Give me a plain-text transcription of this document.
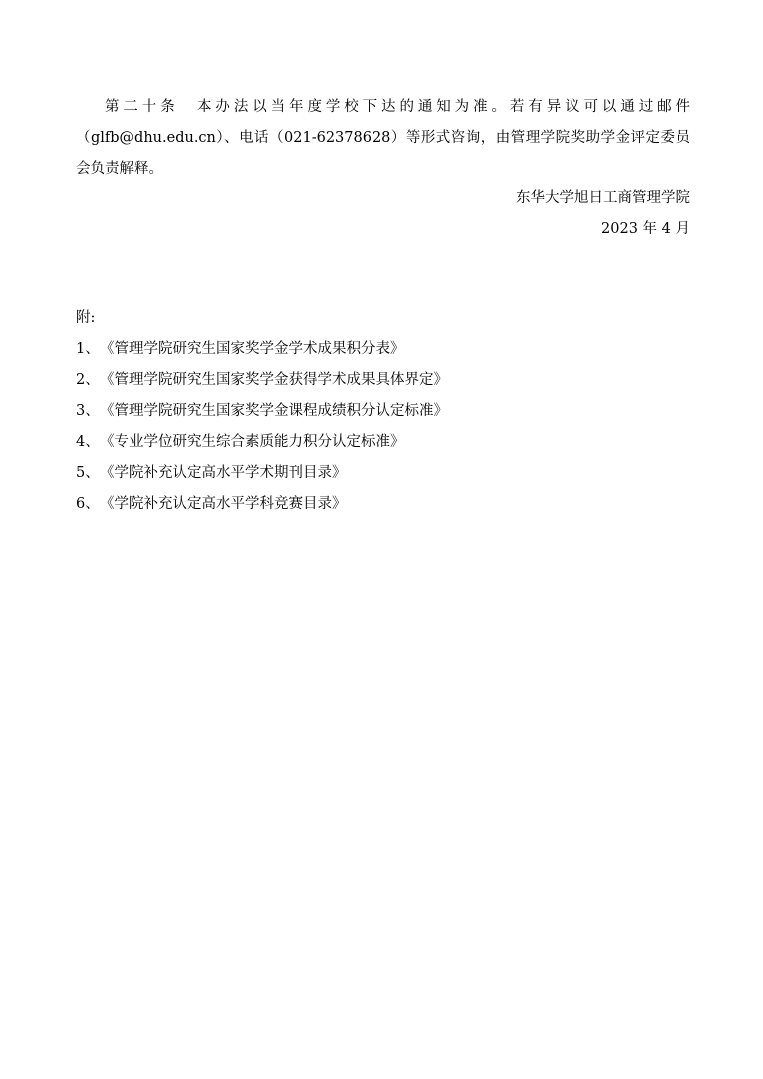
第二十条  本办法以当年度学校下达的通知为准。若有异议可以通过邮件（glfb@dhu.edu.cn）、电话（021-62378628）等形式咨询，由管理学院奖助学金评定委员会负责解释。

东华大学旭日工商管理学院
2023 年 4 月

附:

1、《管理学院研究生国家奖学金学术成果积分表》
2、《管理学院研究生国家奖学金获得学术成果具体界定》
3、《管理学院研究生国家奖学金课程成绩积分认定标准》
4、《专业学位研究生综合素质能力积分认定标准》
5、《学院补充认定高水平学术期刊目录》
6、《学院补充认定高水平学科竞赛目录》
